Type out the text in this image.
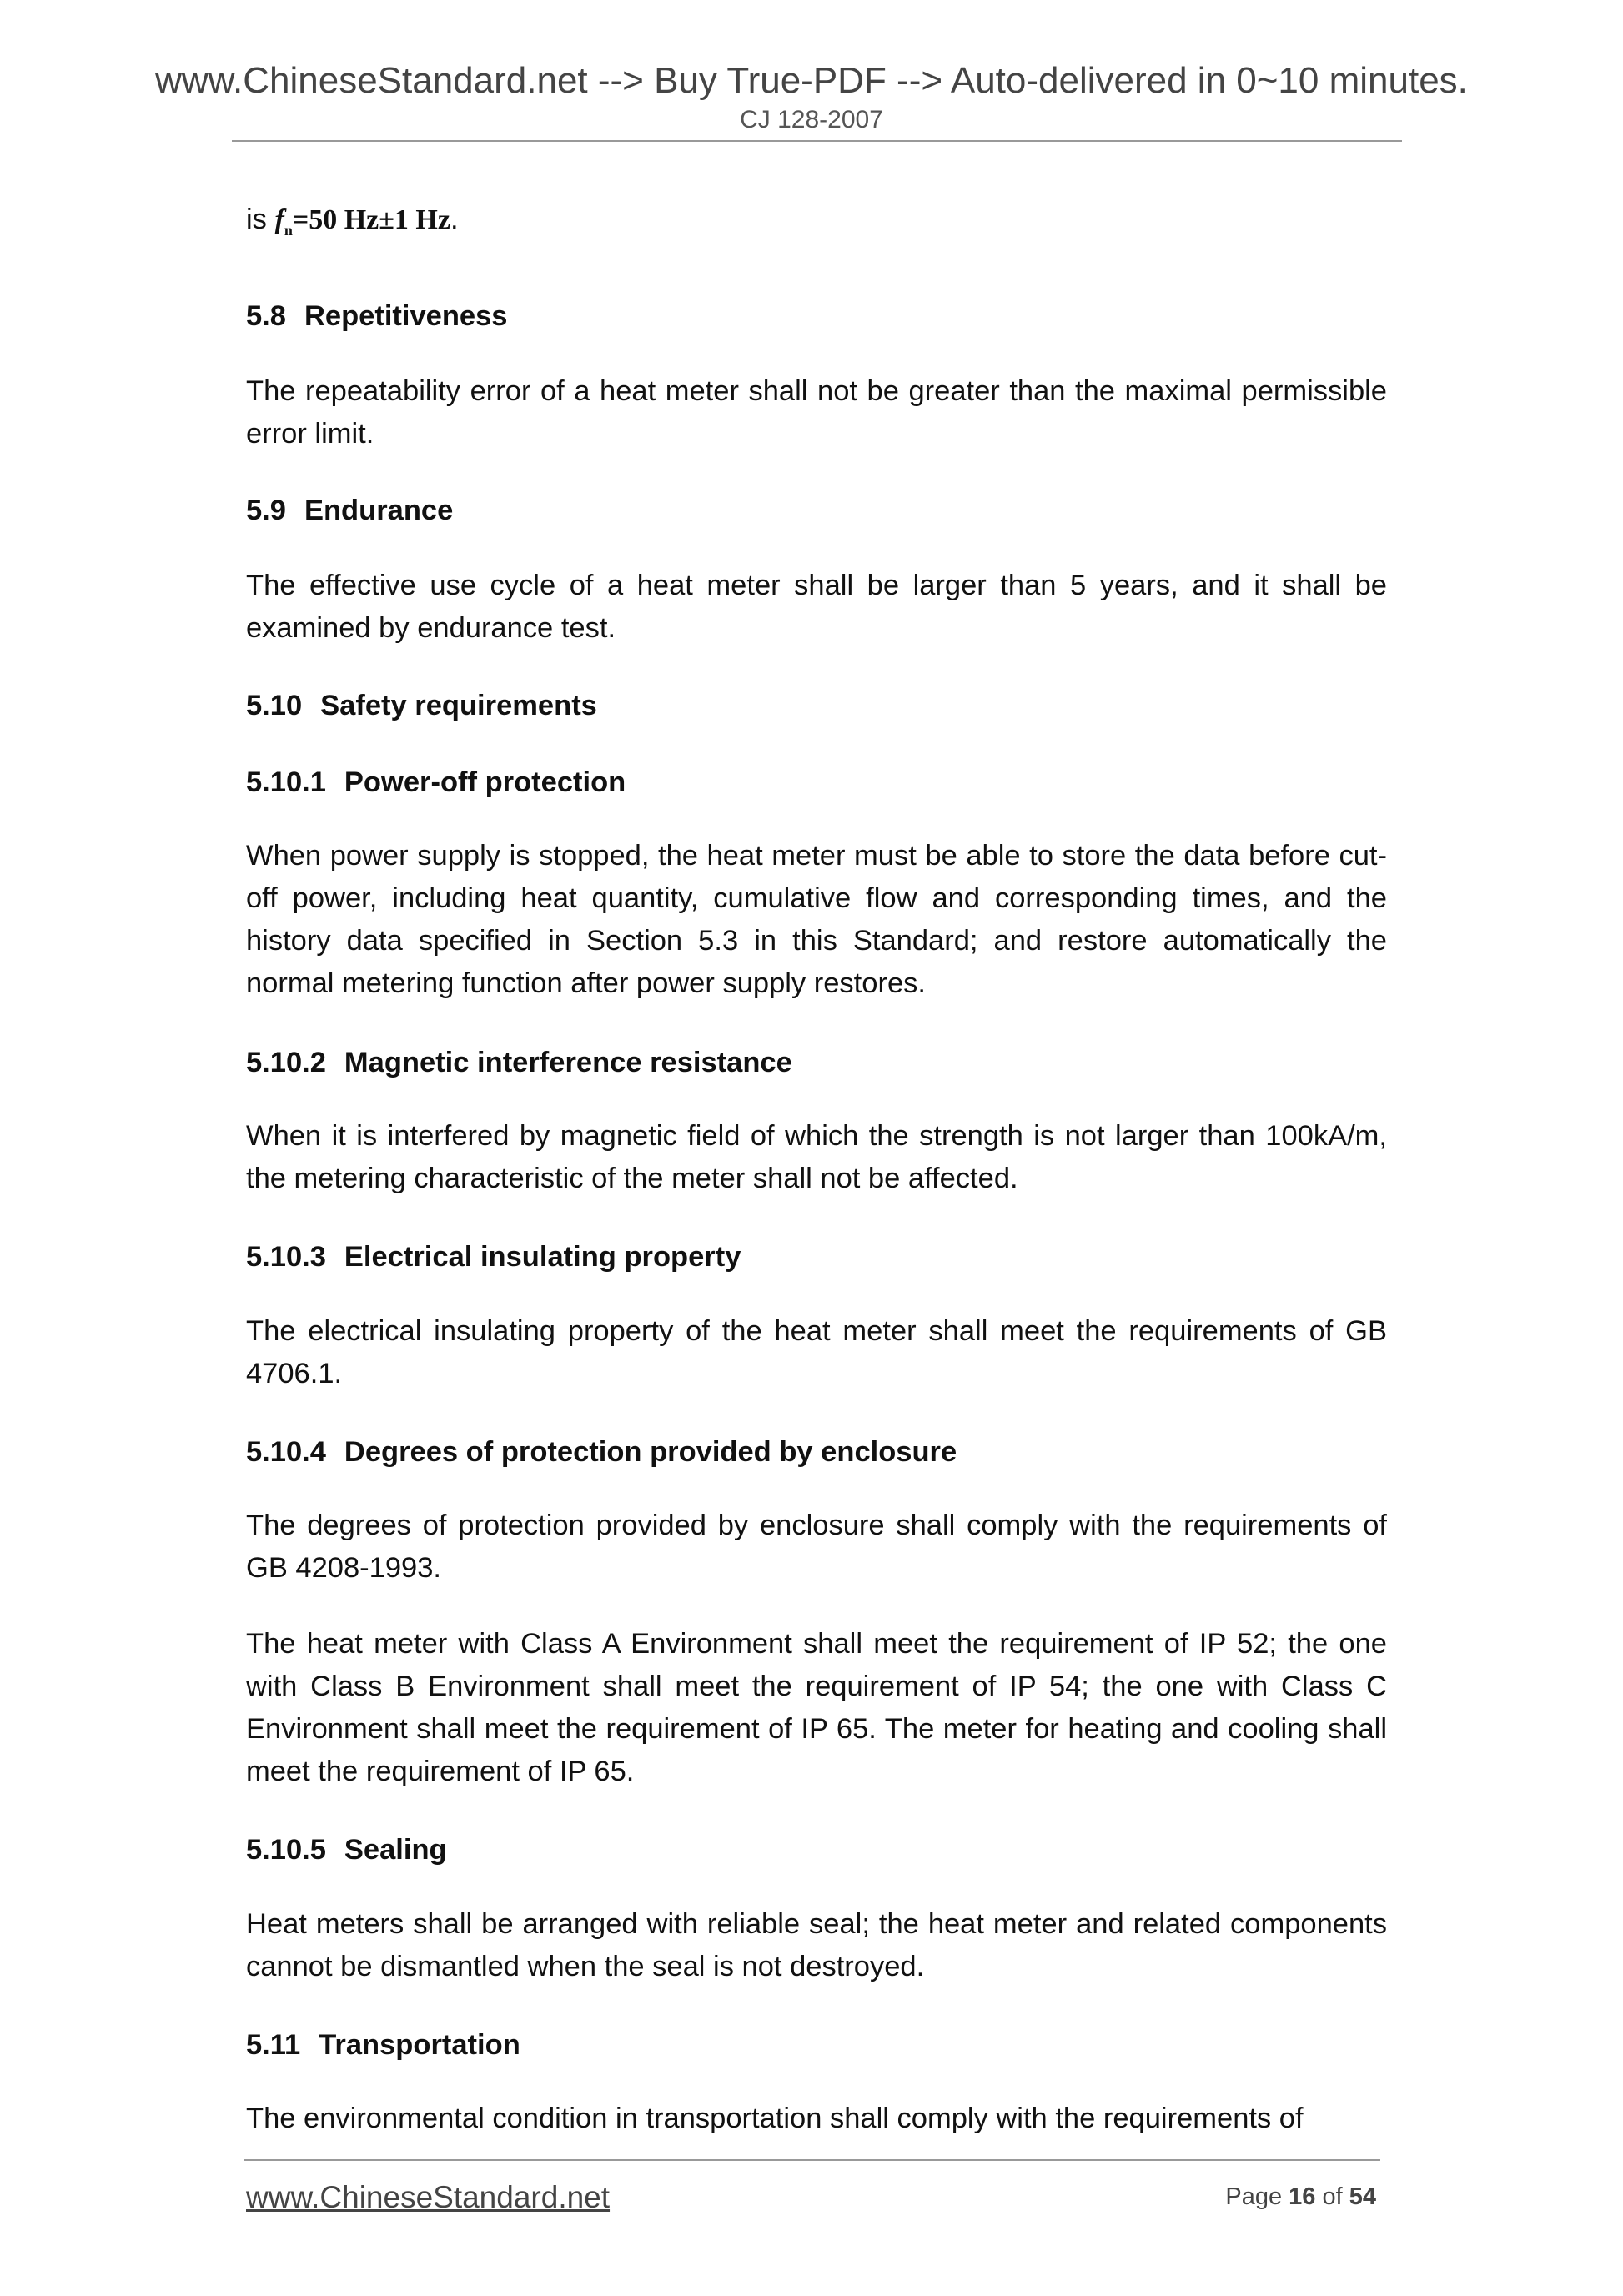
www.ChineseStandard.net --> Buy True-PDF --> Auto-delivered in 0~10 minutes.
CJ 128-2007
is $f_n=50$ Hz±1 Hz.
5.8 Repetitiveness
The repeatability error of a heat meter shall not be greater than the maximal permissible error limit.
5.9 Endurance
The effective use cycle of a heat meter shall be larger than 5 years, and it shall be examined by endurance test.
5.10 Safety requirements
5.10.1 Power-off protection
When power supply is stopped, the heat meter must be able to store the data before cut-off power, including heat quantity, cumulative flow and corresponding times, and the history data specified in Section 5.3 in this Standard; and restore automatically the normal metering function after power supply restores.
5.10.2 Magnetic interference resistance
When it is interfered by magnetic field of which the strength is not larger than 100kA/m, the metering characteristic of the meter shall not be affected.
5.10.3 Electrical insulating property
The electrical insulating property of the heat meter shall meet the requirements of GB 4706.1.
5.10.4 Degrees of protection provided by enclosure
The degrees of protection provided by enclosure shall comply with the requirements of GB 4208-1993.
The heat meter with Class A Environment shall meet the requirement of IP 52; the one with Class B Environment shall meet the requirement of IP 54; the one with Class C Environment shall meet the requirement of IP 65. The meter for heating and cooling shall meet the requirement of IP 65.
5.10.5 Sealing
Heat meters shall be arranged with reliable seal; the heat meter and related components cannot be dismantled when the seal is not destroyed.
5.11 Transportation
The environmental condition in transportation shall comply with the requirements of
www.ChineseStandard.net	Page 16 of 54
